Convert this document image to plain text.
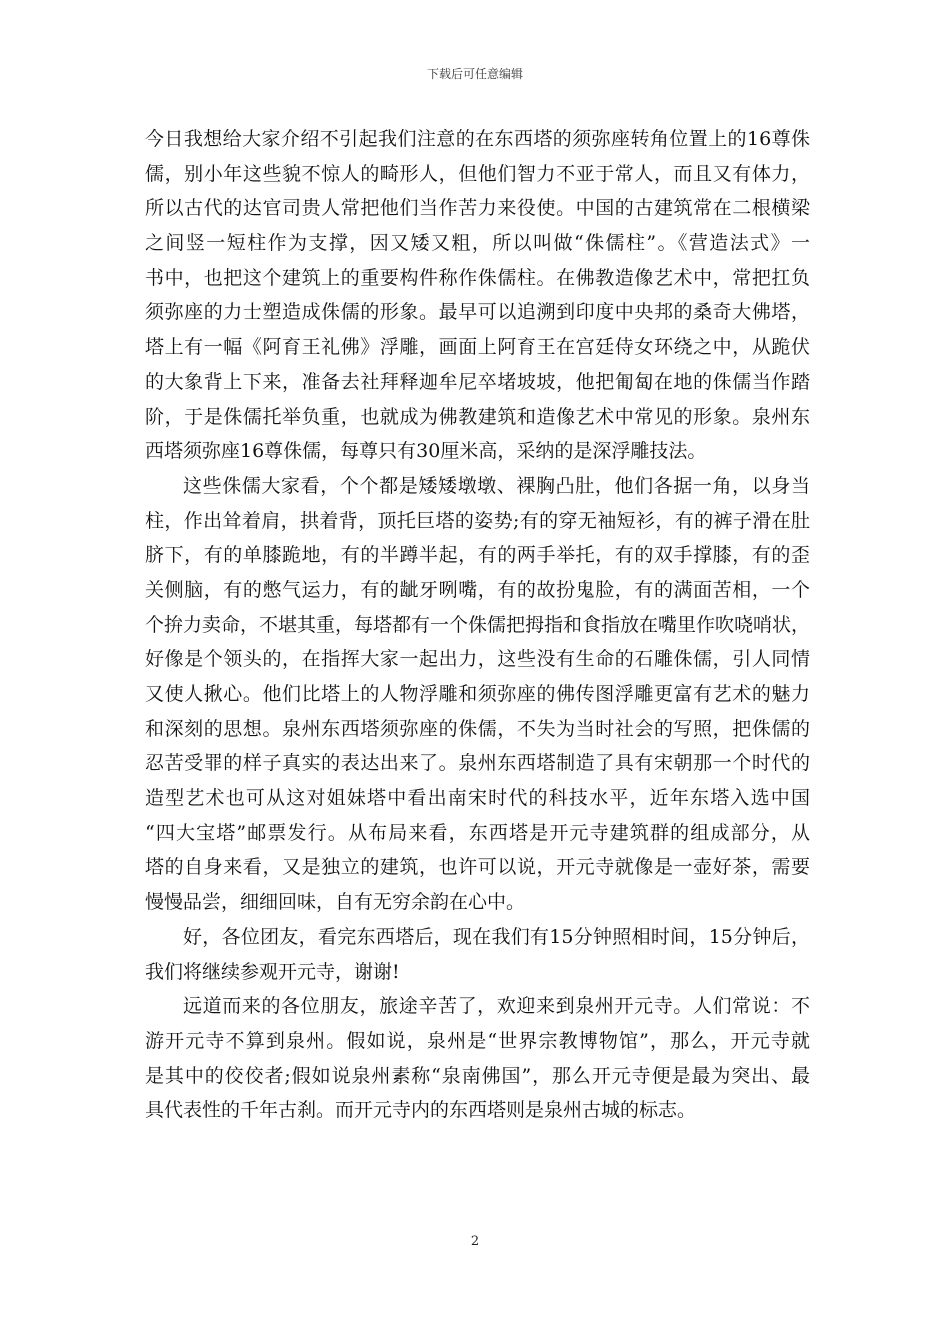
下载后可任意编辑
今日我想给大家介绍不引起我们注意的在东西塔的须弥座转角位置上的16尊侏
儒，别小年这些貌不惊人的畸形人，但他们智力不亚于常人，而且又有体力，
所以古代的达官司贵人常把他们当作苦力来役使。中国的古建筑常在二根横梁
之间竖一短柱作为支撑，因又矮又粗，所以叫做“侏儒柱”。《营造法式》一
书中，也把这个建筑上的重要构件称作侏儒柱。在佛教造像艺术中，常把扛负
须弥座的力士塑造成侏儒的形象。最早可以追溯到印度中央邦的桑奇大佛塔，
塔上有一幅《阿育王礼佛》浮雕，画面上阿育王在宫廷侍女环绕之中，从跪伏
的大象背上下来，准备去社拜释迦牟尼卒堵坡坡，他把匍匐在地的侏儒当作踏
阶，于是侏儒托举负重，也就成为佛教建筑和造像艺术中常见的形象。泉州东
西塔须弥座16尊侏儒，每尊只有30厘米高，采纳的是深浮雕技法。
这些侏儒大家看，个个都是矮矮墩墩、裸胸凸肚，他们各据一角，以身当
柱，作出耸着肩，拱着背，顶托巨塔的姿势;有的穿无袖短衫，有的裤子滑在肚
脐下，有的单膝跪地，有的半蹲半起，有的两手举托，有的双手撑膝，有的歪
关侧脑，有的憋气运力，有的龇牙咧嘴，有的故扮鬼脸，有的满面苦相，一个
个拚力卖命，不堪其重，每塔都有一个侏儒把拇指和食指放在嘴里作吹哓哨状，
好像是个领头的，在指挥大家一起出力，这些没有生命的石雕侏儒，引人同情
又使人揪心。他们比塔上的人物浮雕和须弥座的佛传图浮雕更富有艺术的魅力
和深刻的思想。泉州东西塔须弥座的侏儒，不失为当时社会的写照，把侏儒的
忍苦受罪的样子真实的表达出来了。泉州东西塔制造了具有宋朝那一个时代的
造型艺术也可从这对姐妹塔中看出南宋时代的科技水平，近年东塔入选中国
“四大宝塔”邮票发行。从布局来看，东西塔是开元寺建筑群的组成部分，从
塔的自身来看，又是独立的建筑，也许可以说，开元寺就像是一壶好茶，需要
慢慢品尝，细细回味，自有无穷余韵在心中。
好，各位团友，看完东西塔后，现在我们有15分钟照相时间，15分钟后，
我们将继续参观开元寺，谢谢!
远道而来的各位朋友，旅途辛苦了，欢迎来到泉州开元寺。人们常说：不
游开元寺不算到泉州。假如说，泉州是“世界宗教博物馆”，那么，开元寺就
是其中的佼佼者;假如说泉州素称“泉南佛国”，那么开元寺便是最为突出、最
具代表性的千年古刹。而开元寺内的东西塔则是泉州古城的标志。
2
